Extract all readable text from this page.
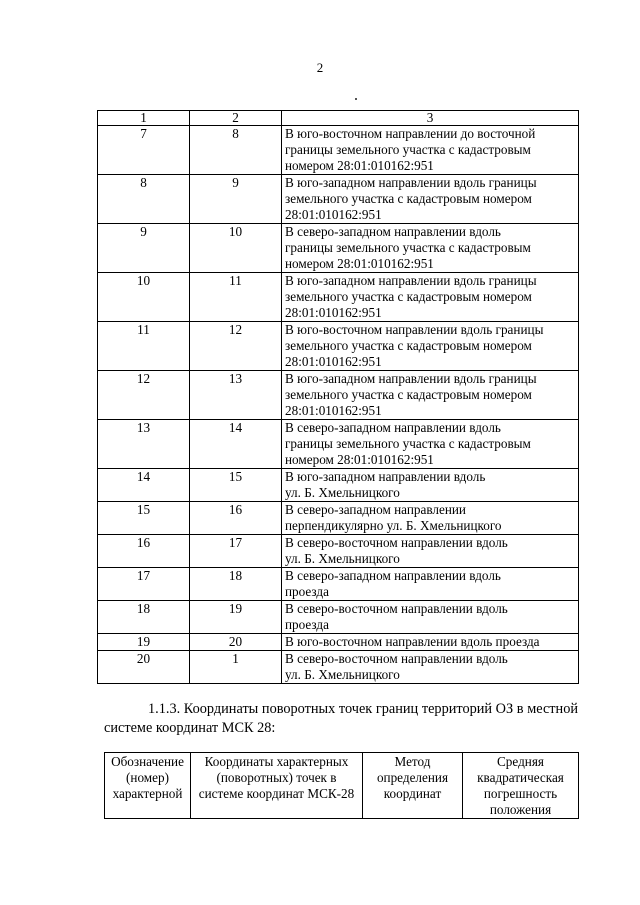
2
1	2	3
7	8	В юго-восточном направлении до восточной
границы земельного участка с кадастровым
номером 28:01:010162:951

8	9	В юго-западном направлении вдоль границы
земельного участка с кадастровым номером
28:01:010162:951

9	10	В северо-западном направлении вдоль
границы земельного участка с кадастровым
номером 28:01:010162:951

10	11	В юго-западном направлении вдоль границы
земельного участка с кадастровым номером
28:01:010162:951

11	12	В юго-восточном направлении вдоль границы
земельного участка с кадастровым номером
28:01:010162:951

12	13	В юго-западном направлении вдоль границы
земельного участка с кадастровым номером
28:01:010162:951

13	14	В северо-западном направлении вдоль
границы земельного участка с кадастровым
номером 28:01:010162:951

14	15	В юго-западном направлении вдоль
ул. Б. Хмельницкого

15	16	В северо-западном направлении
перпендикулярно ул. Б. Хмельницкого

16	17	В северо-восточном направлении вдоль
ул. Б. Хмельницкого

17	18	В северо-западном направлении вдоль
проезда

18	19	В северо-восточном направлении вдоль
проезда

19	20	В юго-восточном направлении вдоль проезда

20	1	В северо-восточном направлении вдоль
ул. Б. Хмельницкого
1.1.3. Координаты поворотных точек границ территорий ОЗ в местной
системе координат МСК 28:
Обозначение (номер) характерной	Координаты характерных (поворотных) точек в системе координат МСК-28	Метод определения координат	Средняя квадратическая погрешность положения
